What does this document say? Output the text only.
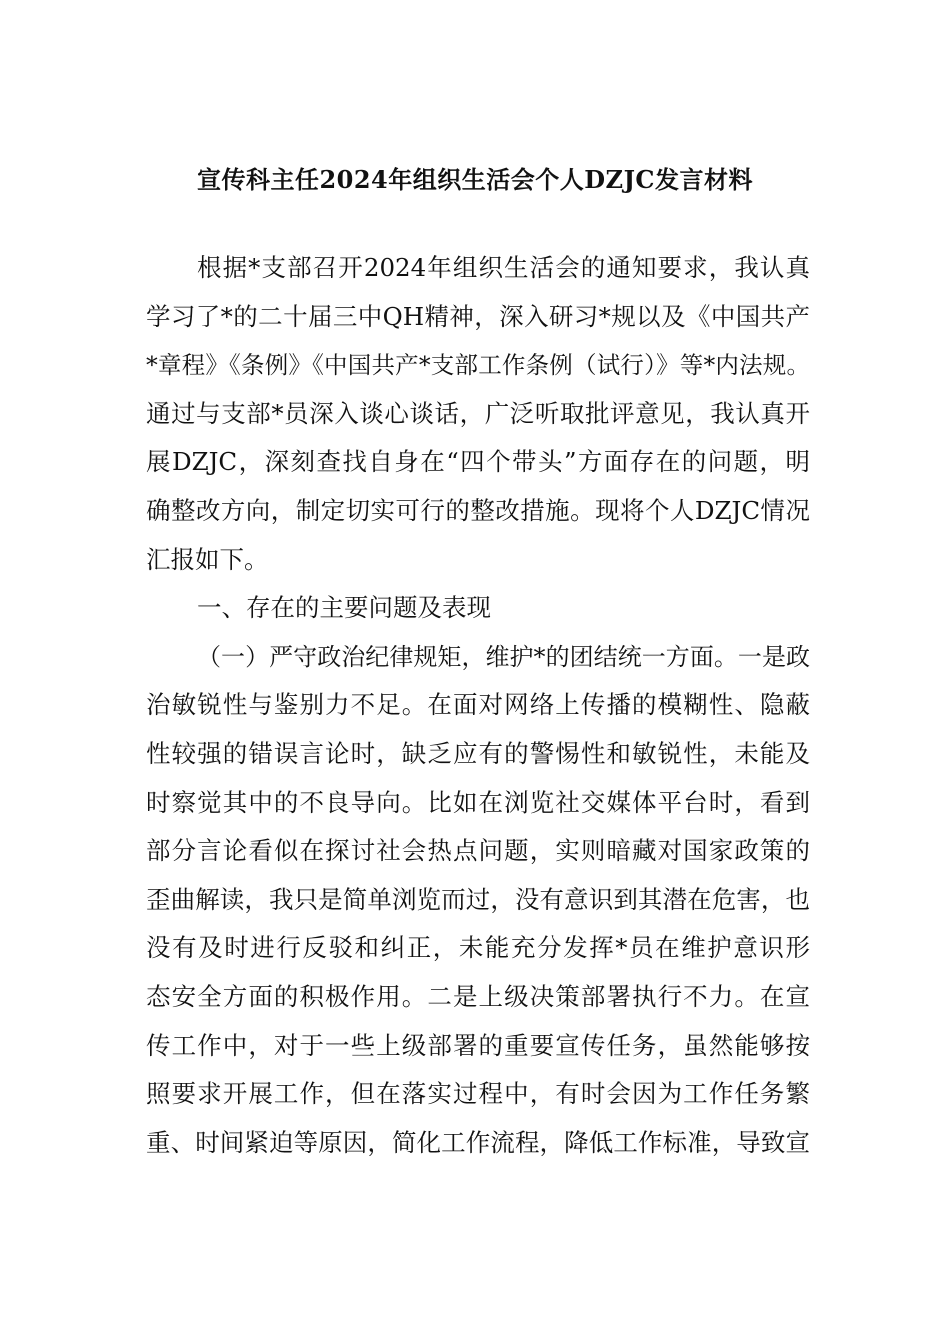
宣传科主任2024年组织生活会个人DZJC发言材料
根据*支部召开2024年组织生活会的通知要求，我认真
学习了*的二十届三中QH精神，深入研习*规以及《中国共产
*章程》《条例》《中国共产*支部工作条例（试行）》等*内法规。
通过与支部*员深入谈心谈话，广泛听取批评意见，我认真开
展DZJC，深刻查找自身在“四个带头”方面存在的问题，明
确整改方向，制定切实可行的整改措施。现将个人DZJC情况
汇报如下。
一、存在的主要问题及表现
（一）严守政治纪律规矩，维护*的团结统一方面。一是政
治敏锐性与鉴别力不足。在面对网络上传播的模糊性、隐蔽
性较强的错误言论时，缺乏应有的警惕性和敏锐性，未能及
时察觉其中的不良导向。比如在浏览社交媒体平台时，看到
部分言论看似在探讨社会热点问题，实则暗藏对国家政策的
歪曲解读，我只是简单浏览而过，没有意识到其潜在危害，也
没有及时进行反驳和纠正，未能充分发挥*员在维护意识形
态安全方面的积极作用。二是上级决策部署执行不力。在宣
传工作中，对于一些上级部署的重要宣传任务，虽然能够按
照要求开展工作，但在落实过程中，有时会因为工作任务繁
重、时间紧迫等原因，简化工作流程，降低工作标准，导致宣
